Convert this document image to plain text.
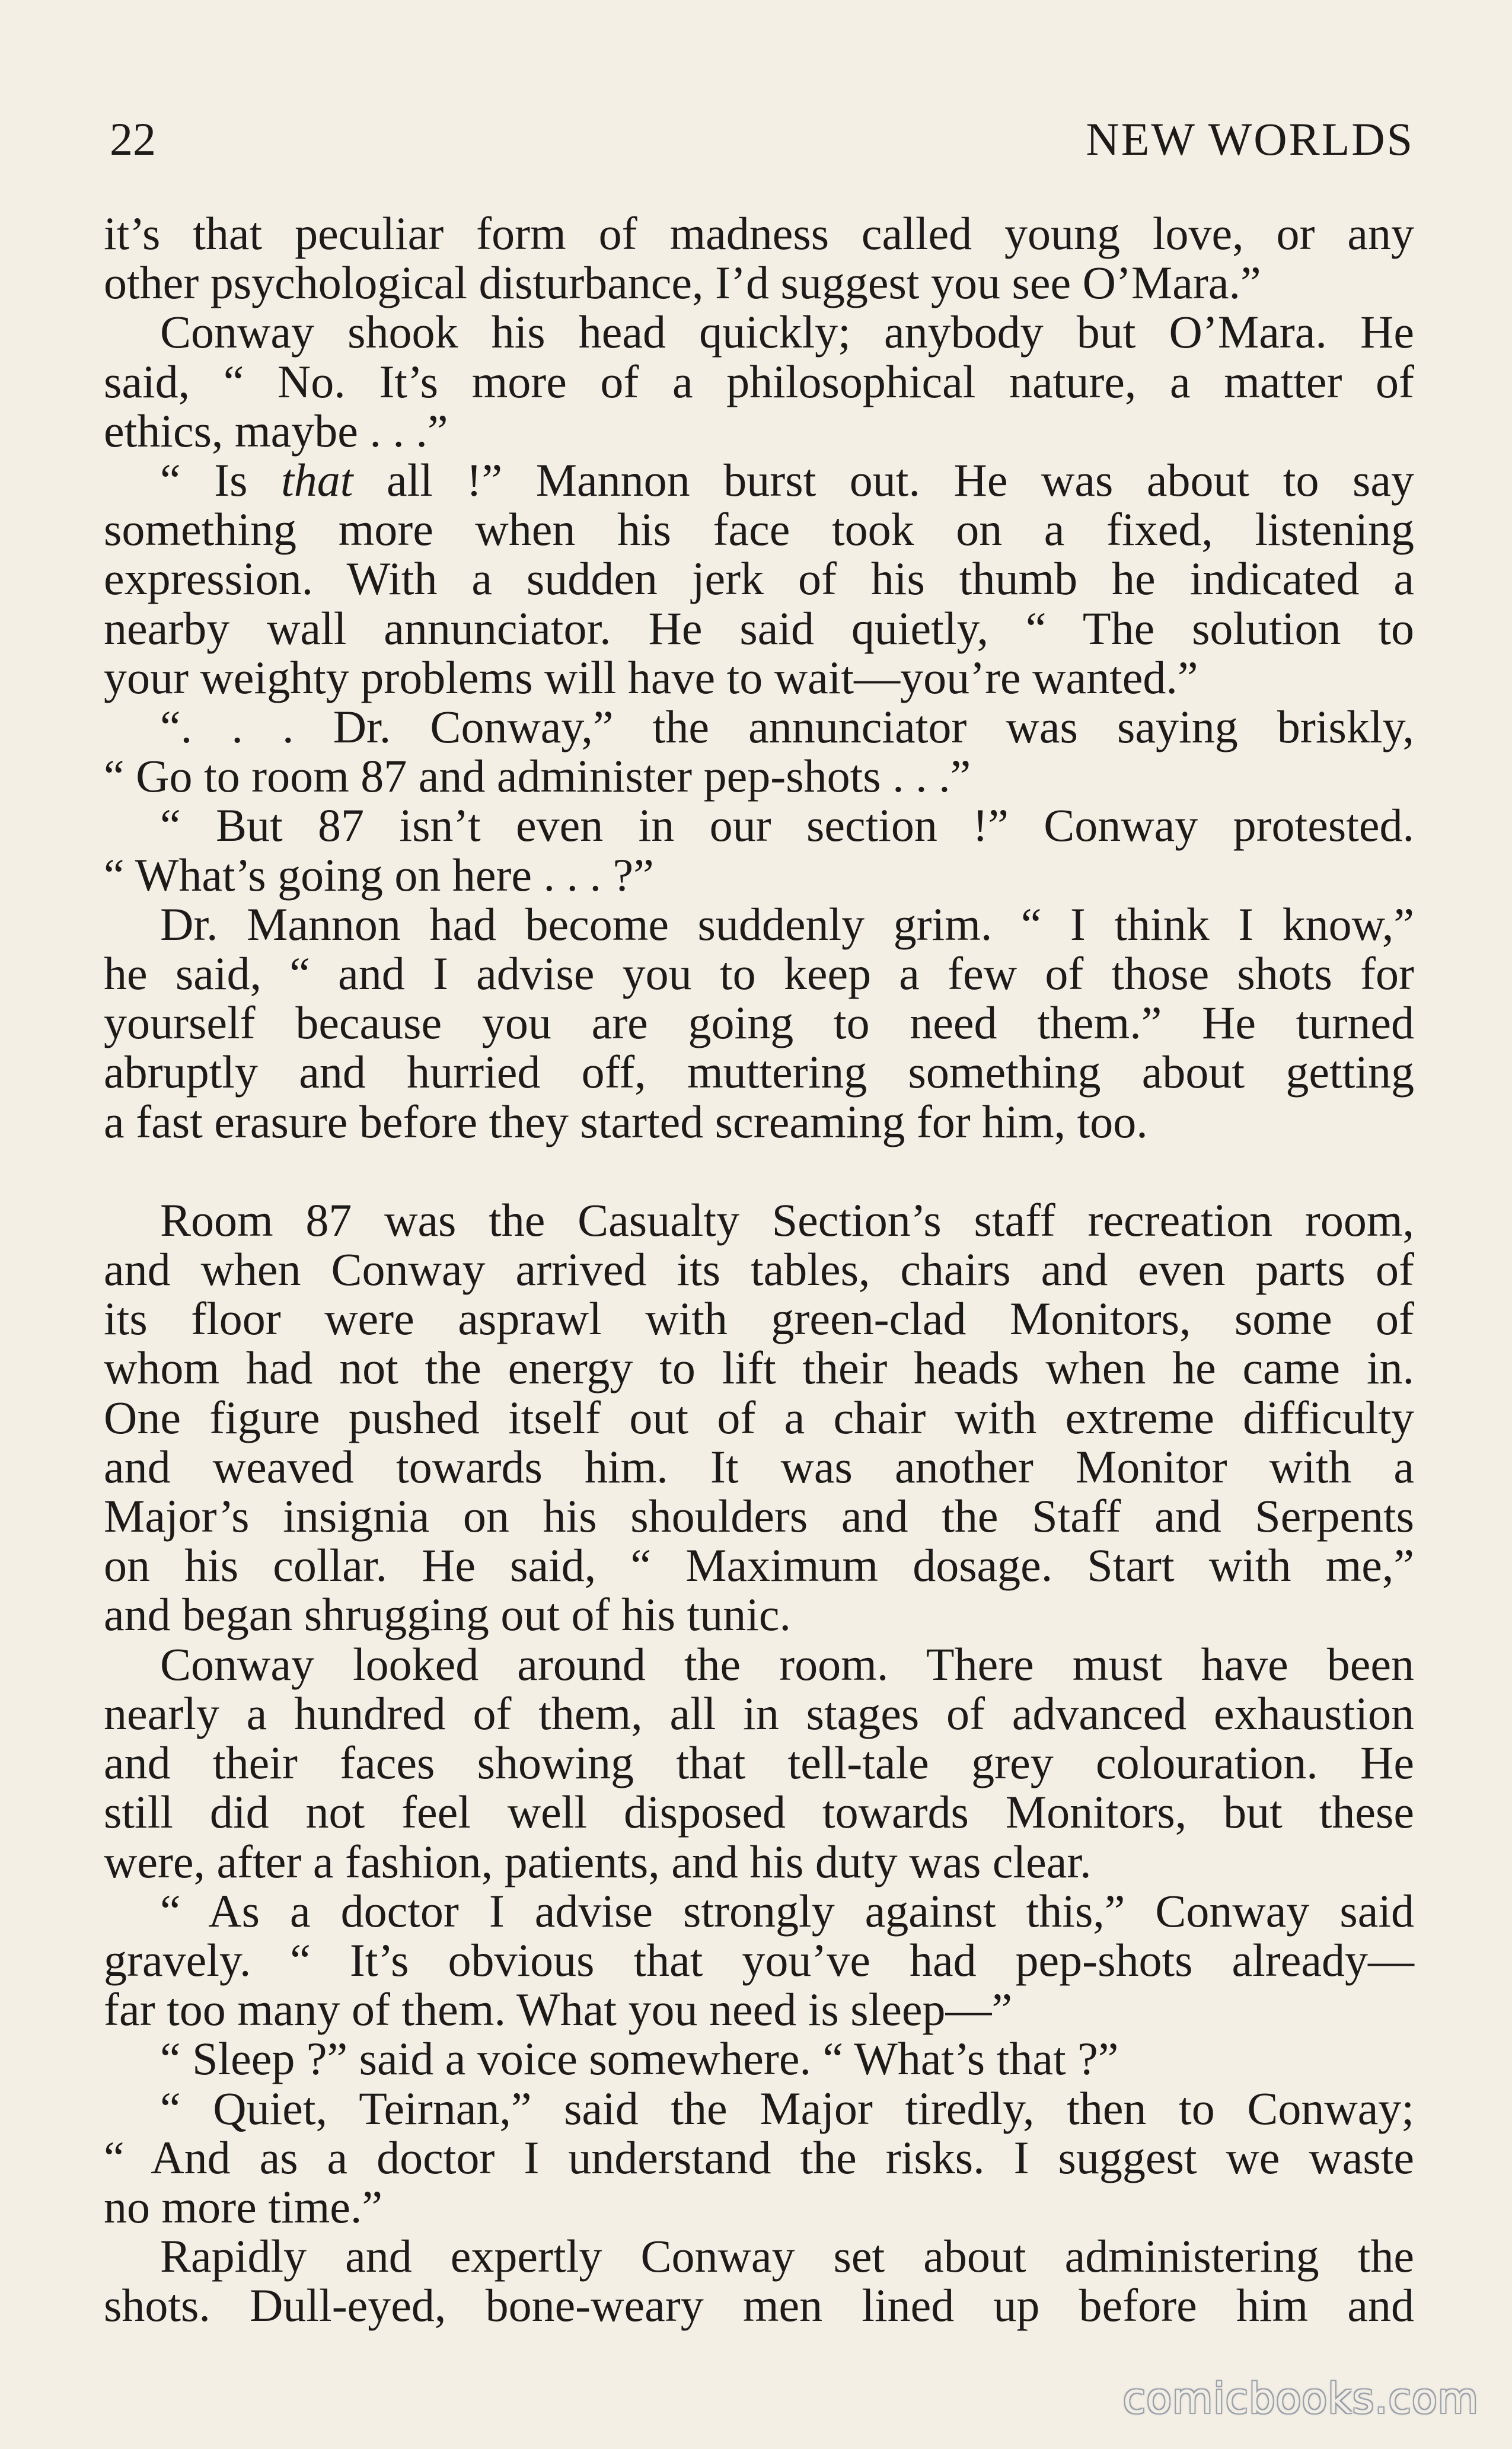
22	NEW WORLDS
it’s that peculiar form of madness called young love, or any
other psychological disturbance, I’d suggest you see O’Mara.”
Conway shook his head quickly; anybody but O’Mara. He
said, “ No. It’s more of a philosophical nature, a matter of
ethics, maybe . . .”
“ Is that all !” Mannon burst out. He was about to say
something more when his face took on a fixed, listening
expression. With a sudden jerk of his thumb he indicated a
nearby wall annunciator. He said quietly, “ The solution to
your weighty problems will have to wait—you’re wanted.”
“. . . Dr. Conway,” the annunciator was saying briskly,
“ Go to room 87 and administer pep-shots . . .”
“ But 87 isn’t even in our section !” Conway protested.
“ What’s going on here . . . ?”
Dr. Mannon had become suddenly grim. “ I think I know,”
he said, “ and I advise you to keep a few of those shots for
yourself because you are going to need them.” He turned
abruptly and hurried off, muttering something about getting
a fast erasure before they started screaming for him, too.
Room 87 was the Casualty Section’s staff recreation room,
and when Conway arrived its tables, chairs and even parts of
its floor were asprawl with green-clad Monitors, some of
whom had not the energy to lift their heads when he came in.
One figure pushed itself out of a chair with extreme difficulty
and weaved towards him. It was another Monitor with a
Major’s insignia on his shoulders and the Staff and Serpents
on his collar. He said, “ Maximum dosage. Start with me,”
and began shrugging out of his tunic.
Conway looked around the room. There must have been
nearly a hundred of them, all in stages of advanced exhaustion
and their faces showing that tell-tale grey colouration. He
still did not feel well disposed towards Monitors, but these
were, after a fashion, patients, and his duty was clear.
“ As a doctor I advise strongly against this,” Conway said
gravely. “ It’s obvious that you’ve had pep-shots already—
far too many of them. What you need is sleep—”
“ Sleep ?” said a voice somewhere. “ What’s that ?”
“ Quiet, Teirnan,” said the Major tiredly, then to Conway;
“ And as a doctor I understand the risks. I suggest we waste
no more time.”
Rapidly and expertly Conway set about administering the
shots. Dull-eyed, bone-weary men lined up before him and
comicbooks.com
